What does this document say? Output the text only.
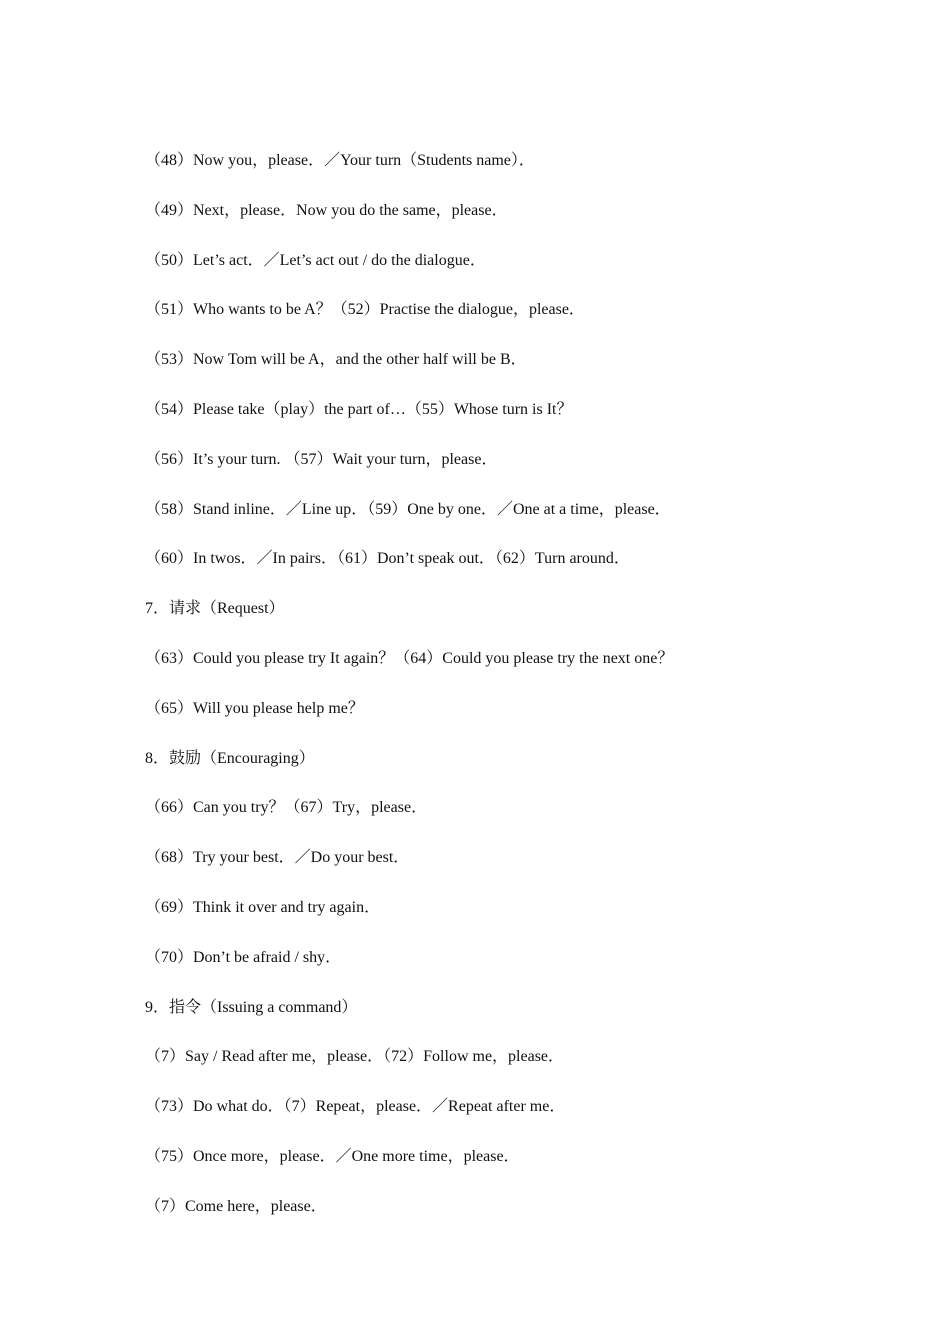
（48）Now you，please．／Your turn（Students name）．
（49）Next，please．Now you do the same，please．
（50）Let’s act．／Let’s act out / do the dialogue．
（51）Who wants to be A？（52）Practise the dialogue，please．
（53）Now Tom will be A，and the other half will be B．
（54）Please take（play）the part of…（55）Whose turn is It？
（56）It’s your turn. （57）Wait your turn，please．
（58）Stand inline．／Line up．（59）One by one．／One at a time，please．
（60）In twos．／In pairs．（61）Don’t speak out．（62）Turn around．
7．请求（Request）
（63）Could you please try It again？（64）Could you please try the next one？
（65）Will you please help me？
8．鼓励（Encouraging）
（66）Can you try？（67）Try，please．
（68）Try your best．／Do your best．
（69）Think it over and try again．
（70）Don’t be afraid / shy．
9．指令（Issuing a command）
（7）Say / Read after me，please．（72）Follow me，please．
（73）Do what do．（7）Repeat，please．／Repeat after me．
（75）Once more，please．／One more time，please．
（7）Come here，please．
